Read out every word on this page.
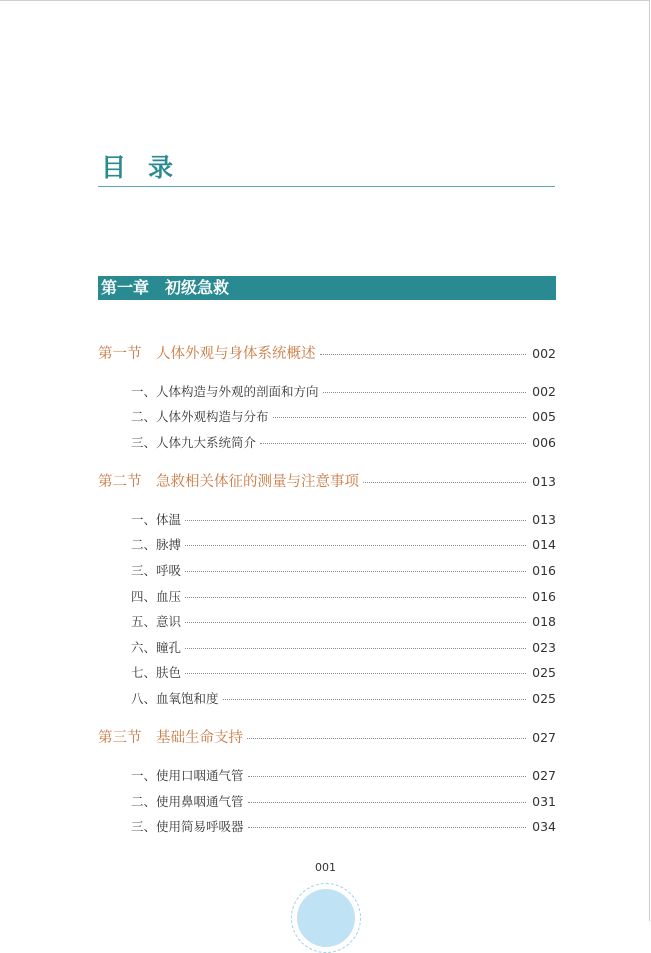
目录
第一章　初级急救
第一节　人体外观与身体系统概述	002
一、人体构造与外观的剖面和方向	002
二、人体外观构造与分布	005
三、人体九大系统简介	006
第二节　急救相关体征的测量与注意事项	013
一、体温	013
二、脉搏	014
三、呼吸	016
四、血压	016
五、意识	018
六、瞳孔	023
七、肤色	025
八、血氧饱和度	025
第三节　基础生命支持	027
一、使用口咽通气管	027
二、使用鼻咽通气管	031
三、使用简易呼吸器	034
001
